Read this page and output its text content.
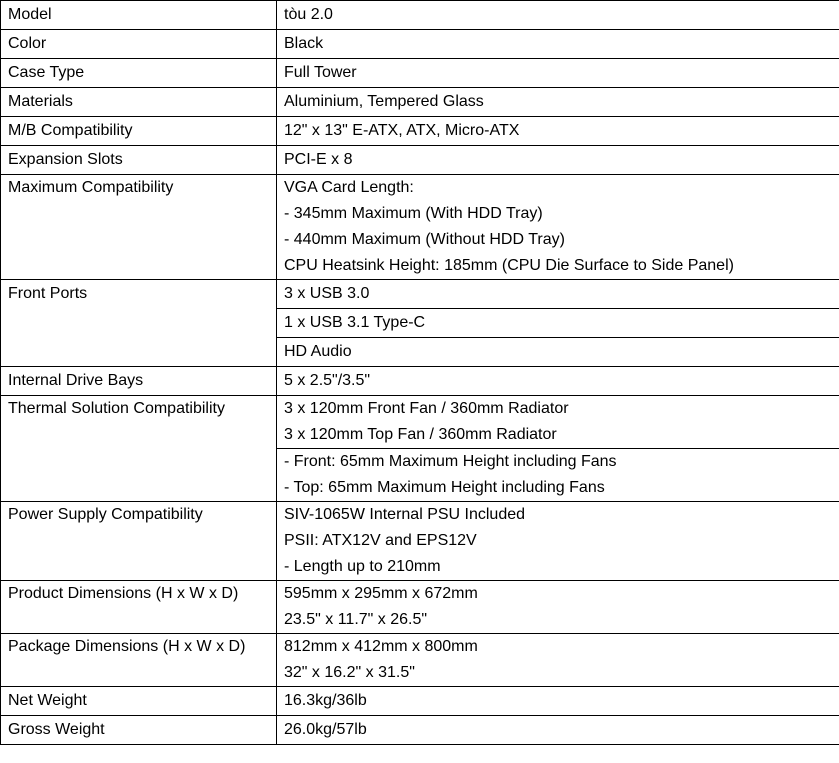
Model	tòu 2.0
Color	Black
Case Type	Full Tower
Materials	Aluminium, Tempered Glass
M/B Compatibility	12" x 13" E-ATX, ATX, Micro-ATX
Expansion Slots	PCI-E x 8
Maximum Compatibility	VGA Card Length:
- 345mm Maximum (With HDD Tray)
- 440mm Maximum (Without HDD Tray)
CPU Heatsink Height: 185mm (CPU Die Surface to Side Panel)

Front Ports	3 x USB 3.0
	1 x USB 3.1 Type-C
	HD Audio
Internal Drive Bays	5 x 2.5"/3.5"
Thermal Solution Compatibility	3 x 120mm Front Fan / 360mm Radiator
3 x 120mm Top Fan / 360mm Radiator

	- Front: 65mm Maximum Height including Fans
- Top: 65mm Maximum Height including Fans

Power Supply Compatibility	SIV-1065W Internal PSU Included
PSII: ATX12V and EPS12V
- Length up to 210mm

Product Dimensions (H x W x D)	595mm x 295mm x 672mm
23.5" x 11.7" x 26.5"

Package Dimensions (H x W x D)	812mm x 412mm x 800mm
32" x 16.2" x 31.5"

Net Weight	16.3kg/36lb
Gross Weight	26.0kg/57lb
